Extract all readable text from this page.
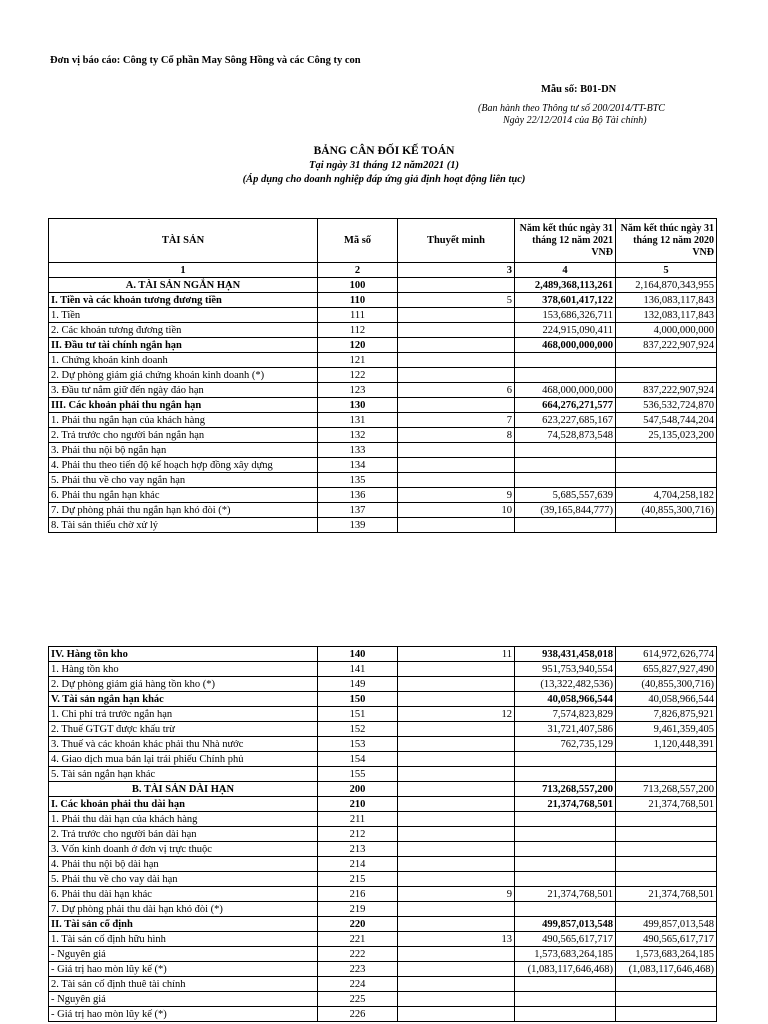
Đơn vị báo cáo: Công ty Cổ phần May Sông Hồng và các Công ty con
Mẫu số: B01-DN
(Ban hành theo Thông tư số 200/2014/TT-BTC
Ngày 22/12/2014 của Bộ Tài chính)
BẢNG CÂN ĐỐI KẾ TOÁN
Tại ngày 31 tháng 12 năm2021 (1)
(Áp dụng cho doanh nghiệp đáp ứng giả định hoạt động liên tục)
TÀI SẢN	Mã số	Thuyết minh	Năm kết thúc ngày 31 tháng 12 năm 2021 VNĐ	Năm kết thúc ngày 31 tháng 12 năm 2020 VNĐ
1	2	3	4	5
A. TÀI SẢN NGẮN HẠN	100		2,489,368,113,261	2,164,870,343,955
I. Tiền và các khoản tương đương tiền	110	5	378,601,417,122	136,083,117,843
1. Tiền	111		153,686,326,711	132,083,117,843
2. Các khoản tương đương tiền	112		224,915,090,411	4,000,000,000
II. Đầu tư tài chính ngắn hạn	120		468,000,000,000	837,222,907,924
1. Chứng khoán kinh doanh	121			
2. Dự phòng giảm giá chứng khoán kinh doanh (*)	122			
3. Đầu tư nắm giữ đến ngày đáo hạn	123	6	468,000,000,000	837,222,907,924
III. Các khoản phải thu ngắn hạn	130		664,276,271,577	536,532,724,870
1. Phải thu ngắn hạn của khách hàng	131	7	623,227,685,167	547,548,744,204
2. Trả trước cho người bán ngắn hạn	132	8	74,528,873,548	25,135,023,200
3. Phải thu nội bộ ngắn hạn	133			
4. Phải thu theo tiến độ kế hoạch hợp đồng xây dựng	134			
5. Phải thu về cho vay ngắn hạn	135			
6. Phải thu ngắn hạn khác	136	9	5,685,557,639	4,704,258,182
7. Dự phòng phải thu ngắn hạn khó đòi (*)	137	10	(39,165,844,777)	(40,855,300,716)
8. Tài sản thiếu chờ xử lý	139			
IV. Hàng tồn kho	140	11	938,431,458,018	614,972,626,774
1. Hàng tồn kho	141		951,753,940,554	655,827,927,490
2. Dự phòng giảm giá hàng tồn kho (*)	149		(13,322,482,536)	(40,855,300,716)
V. Tài sản ngắn hạn khác	150		40,058,966,544	40,058,966,544
1. Chi phí trả trước ngắn hạn	151	12	7,574,823,829	7,826,875,921
2. Thuế GTGT được khấu trừ	152		31,721,407,586	9,461,359,405
3. Thuế và các khoản khác phải thu Nhà nước	153		762,735,129	1,120,448,391
4. Giao dịch mua bán lại trái phiếu Chính phủ	154			
5. Tài sản ngắn hạn khác	155			
B. TÀI SẢN DÀI HẠN	200		713,268,557,200	713,268,557,200
I. Các khoản phải thu dài hạn	210		21,374,768,501	21,374,768,501
1. Phải thu dài hạn của khách hàng	211			
2. Trả trước cho người bán dài hạn	212			
3. Vốn kinh doanh ở đơn vị trực thuộc	213			
4. Phải thu nội bộ dài hạn	214			
5. Phải thu về cho vay dài hạn	215			
6. Phải thu dài hạn khác	216	9	21,374,768,501	21,374,768,501
7. Dự phòng phải thu dài hạn khó đòi (*)	219			
II. Tài sản cố định	220		499,857,013,548	499,857,013,548
1. Tài sản cố định hữu hình	221	13	490,565,617,717	490,565,617,717
- Nguyên giá	222		1,573,683,264,185	1,573,683,264,185
- Giá trị hao mòn lũy kế (*)	223		(1,083,117,646,468)	(1,083,117,646,468)
2. Tài sản cố định thuê tài chính	224			
- Nguyên giá	225			
- Giá trị hao mòn lũy kế (*)	226			
